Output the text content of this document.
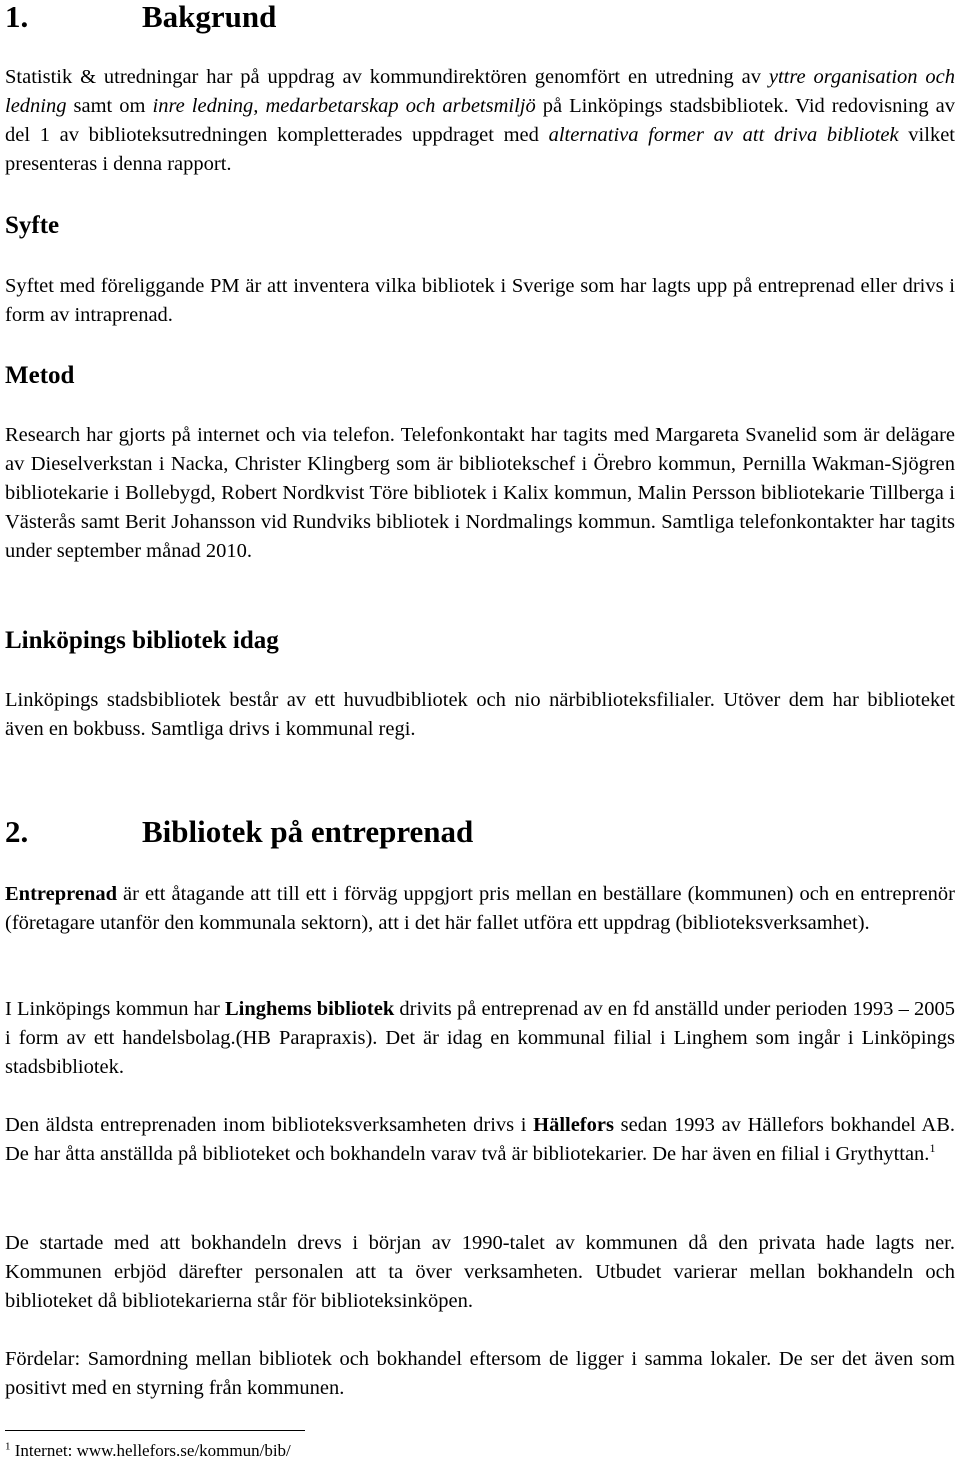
1.	Bakgrund
Statistik & utredningar har på uppdrag av kommundirektören genomfört en utredning av yttre organisation och ledning samt om inre ledning, medarbetarskap och arbetsmiljö på Linköpings stadsbibliotek. Vid redovisning av del 1 av biblioteksutredningen kompletterades uppdraget med alternativa former av att driva bibliotek vilket presenteras i denna rapport.
Syfte
Syftet med föreliggande PM är att inventera vilka bibliotek i Sverige som har lagts upp på entreprenad eller drivs i form av intraprenad.
Metod
Research har gjorts på internet och via telefon. Telefonkontakt har tagits med Margareta Svanelid som är delägare av Dieselverkstan i Nacka, Christer Klingberg som är bibliotekschef i Örebro kommun, Pernilla Wakman-Sjögren bibliotekarie i Bollebygd, Robert Nordkvist Töre bibliotek i Kalix kommun, Malin Persson bibliotekarie Tillberga i Västerås samt Berit Johansson vid Rundviks bibliotek i Nordmalings kommun. Samtliga telefonkontakter har tagits under september månad 2010.
Linköpings bibliotek idag
Linköpings stadsbibliotek består av ett huvudbibliotek och nio närbiblioteksfilialer. Utöver dem har biblioteket även en bokbuss. Samtliga drivs i kommunal regi.
2.	Bibliotek på entreprenad
Entreprenad är ett åtagande att till ett i förväg uppgjort pris mellan en beställare (kommunen) och en entreprenör (företagare utanför den kommunala sektorn), att i det här fallet utföra ett uppdrag (biblioteksverksamhet).
I Linköpings kommun har Linghems bibliotek drivits på entreprenad av en fd anställd under perioden 1993 – 2005 i form av ett handelsbolag.(HB Parapraxis). Det är idag en kommunal filial i Linghem som ingår i Linköpings stadsbibliotek.
Den äldsta entreprenaden inom biblioteksverksamheten drivs i Hällefors sedan 1993 av Hällefors bokhandel AB. De har åtta anställda på biblioteket och bokhandeln varav två är bibliotekarier. De har även en filial i Grythyttan.$^1$
De startade med att bokhandeln drevs i början av 1990-talet av kommunen då den privata hade lagts ner. Kommunen erbjöd därefter personalen att ta över verksamheten. Utbudet varierar mellan bokhandeln och biblioteket då bibliotekarierna står för biblioteksinköpen.
Fördelar: Samordning mellan bibliotek och bokhandel eftersom de ligger i samma lokaler. De ser det även som positivt med en styrning från kommunen.
$^1$ Internet: www.hellefors.se/kommun/bib/
